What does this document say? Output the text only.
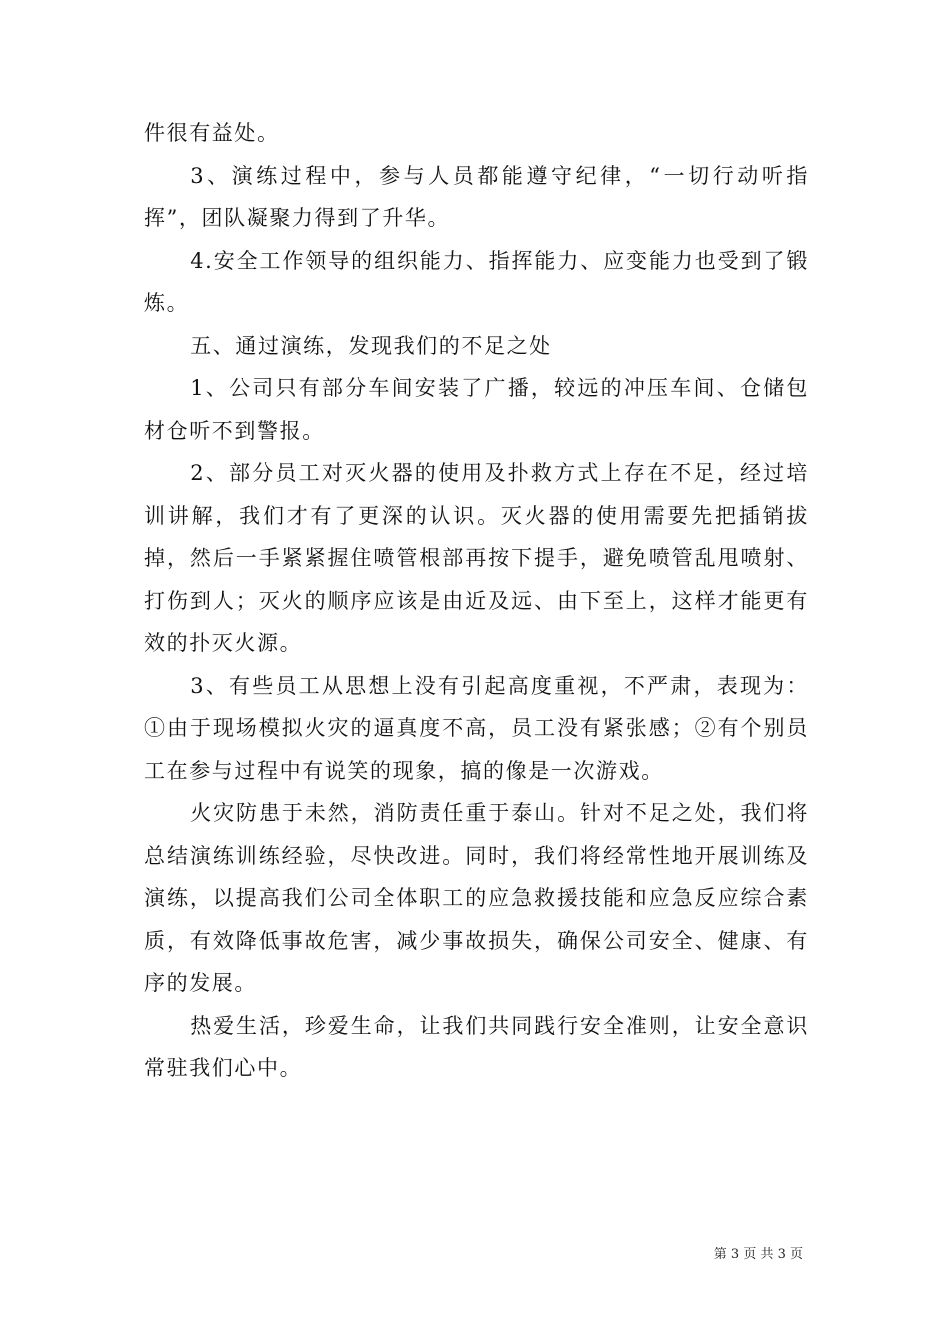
件很有益处。

3、演练过程中，参与人员都能遵守纪律，“一切行动听指挥”，团队凝聚力得到了升华。

4.安全工作领导的组织能力、指挥能力、应变能力也受到了锻炼。

五、通过演练，发现我们的不足之处

1、公司只有部分车间安装了广播，较远的冲压车间、仓储包材仓听不到警报。

2、部分员工对灭火器的使用及扑救方式上存在不足，经过培训讲解，我们才有了更深的认识。灭火器的使用需要先把插销拔掉，然后一手紧紧握住喷管根部再按下提手，避免喷管乱甩喷射、打伤到人；灭火的顺序应该是由近及远、由下至上，这样才能更有效的扑灭火源。

3、有些员工从思想上没有引起高度重视，不严肃，表现为：①由于现场模拟火灾的逼真度不高，员工没有紧张感；②有个别员工在参与过程中有说笑的现象，搞的像是一次游戏。

火灾防患于未然，消防责任重于泰山。针对不足之处，我们将总结演练训练经验，尽快改进。同时，我们将经常性地开展训练及演练，以提高我们公司全体职工的应急救援技能和应急反应综合素质，有效降低事故危害，减少事故损失，确保公司安全、健康、有序的发展。

热爱生活，珍爱生命，让我们共同践行安全准则，让安全意识常驻我们心中。

第 3 页 共 3 页
